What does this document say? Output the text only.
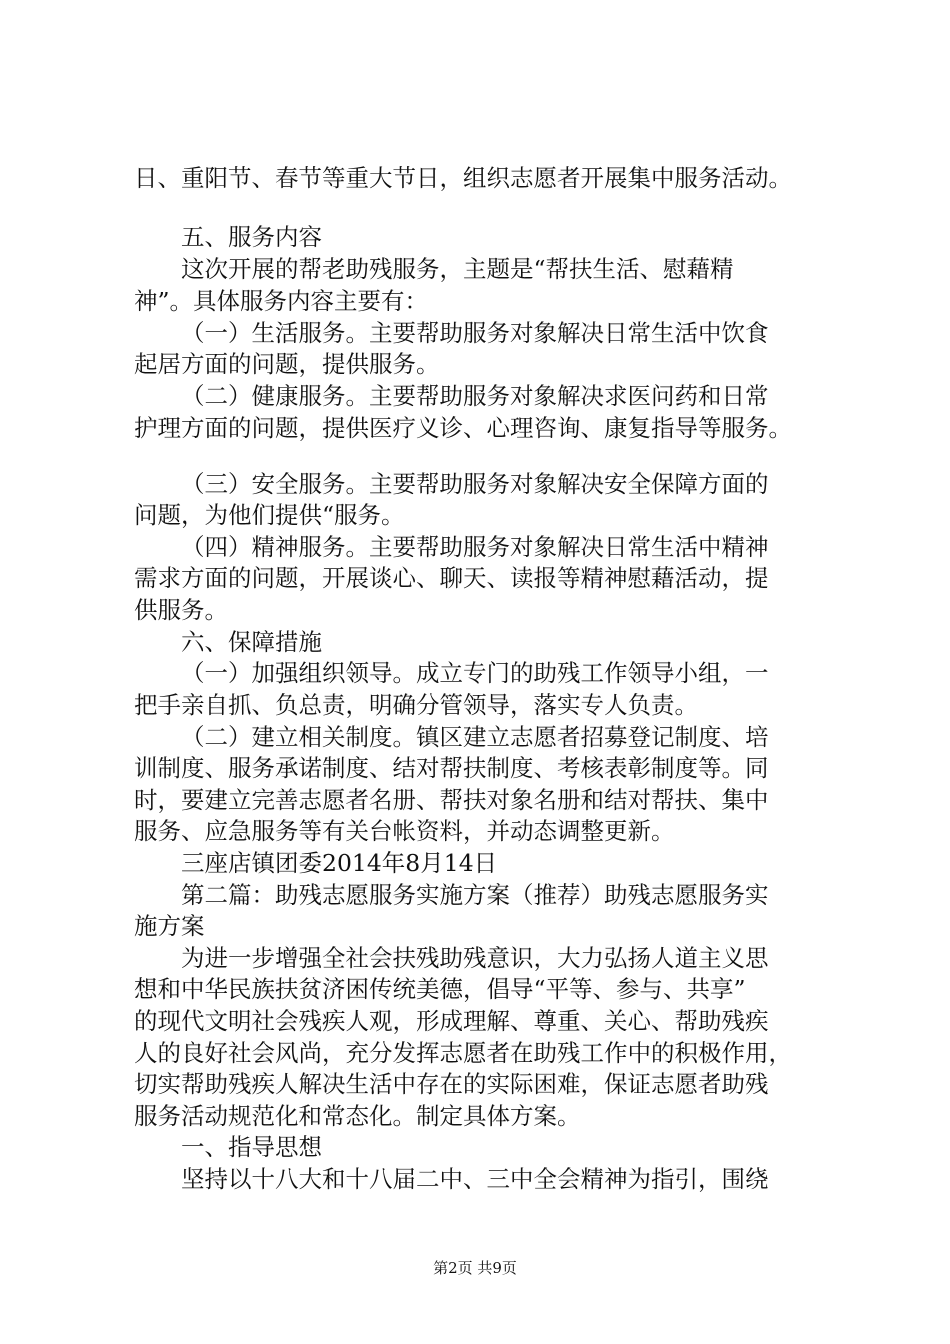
日、重阳节、春节等重大节日，组织志愿者开展集中服务活动。
五、服务内容
这次开展的帮老助残服务，主题是“帮扶生活、慰藉精
神”。具体服务内容主要有：
（一）生活服务。主要帮助服务对象解决日常生活中饮食
起居方面的问题，提供服务。
（二）健康服务。主要帮助服务对象解决求医问药和日常
护理方面的问题，提供医疗义诊、心理咨询、康复指导等服务。
（三）安全服务。主要帮助服务对象解决安全保障方面的
问题，为他们提供“服务。
（四）精神服务。主要帮助服务对象解决日常生活中精神
需求方面的问题，开展谈心、聊天、读报等精神慰藉活动，提
供服务。
六、保障措施
（一）加强组织领导。成立专门的助残工作领导小组，一
把手亲自抓、负总责，明确分管领导，落实专人负责。
（二）建立相关制度。镇区建立志愿者招募登记制度、培
训制度、服务承诺制度、结对帮扶制度、考核表彰制度等。同
时，要建立完善志愿者名册、帮扶对象名册和结对帮扶、集中
服务、应急服务等有关台帐资料，并动态调整更新。
三座店镇团委2014年8月14日
第二篇：助残志愿服务实施方案（推荐）助残志愿服务实
施方案
为进一步增强全社会扶残助残意识，大力弘扬人道主义思
想和中华民族扶贫济困传统美德，倡导“平等、参与、共享”
的现代文明社会残疾人观，形成理解、尊重、关心、帮助残疾
人的良好社会风尚，充分发挥志愿者在助残工作中的积极作用，
切实帮助残疾人解决生活中存在的实际困难，保证志愿者助残
服务活动规范化和常态化。制定具体方案。
一、指导思想
坚持以十八大和十八届二中、三中全会精神为指引，围绕
第2页 共9页
